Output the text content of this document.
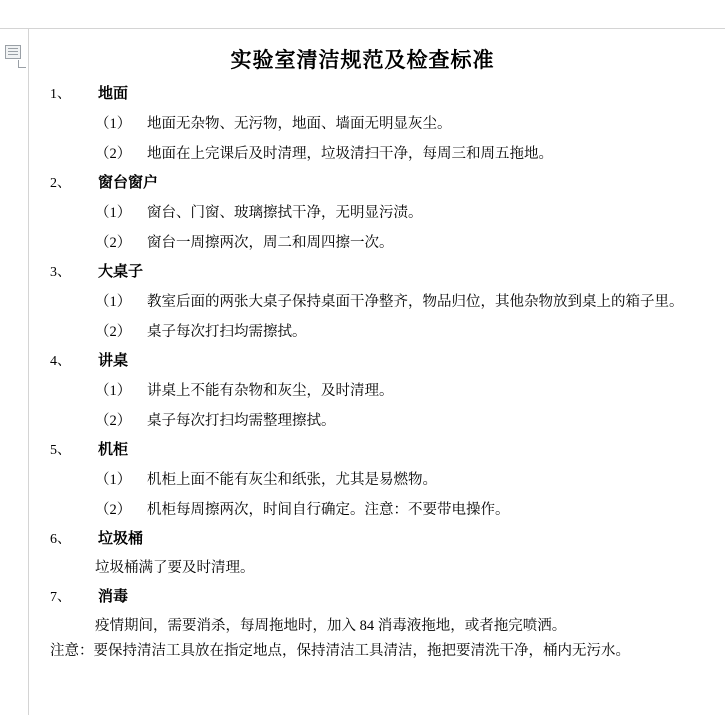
实验室清洁规范及检查标准
1、	地面
（1）	地面无杂物、无污物，地面、墙面无明显灰尘。
（2）	地面在上完课后及时清理，垃圾清扫干净，每周三和周五拖地。
2、	窗台窗户
（1）	窗台、门窗、玻璃擦拭干净，无明显污渍。
（2）	窗台一周擦两次，周二和周四擦一次。
3、	大桌子
（1）	教室后面的两张大桌子保持桌面干净整齐，物品归位，其他杂物放到桌上的箱子里。
（2）	桌子每次打扫均需擦拭。
4、	讲桌
（1）	讲桌上不能有杂物和灰尘，及时清理。
（2）	桌子每次打扫均需整理擦拭。
5、	机柜
（1）	机柜上面不能有灰尘和纸张，尤其是易燃物。
（2）	机柜每周擦两次，时间自行确定。注意：不要带电操作。
6、	垃圾桶
垃圾桶满了要及时清理。
7、	消毒
疫情期间，需要消杀，每周拖地时，加入 84 消毒液拖地，或者拖完喷洒。
注意：要保持清洁工具放在指定地点，保持清洁工具清洁，拖把要清洗干净，桶内无污水。
